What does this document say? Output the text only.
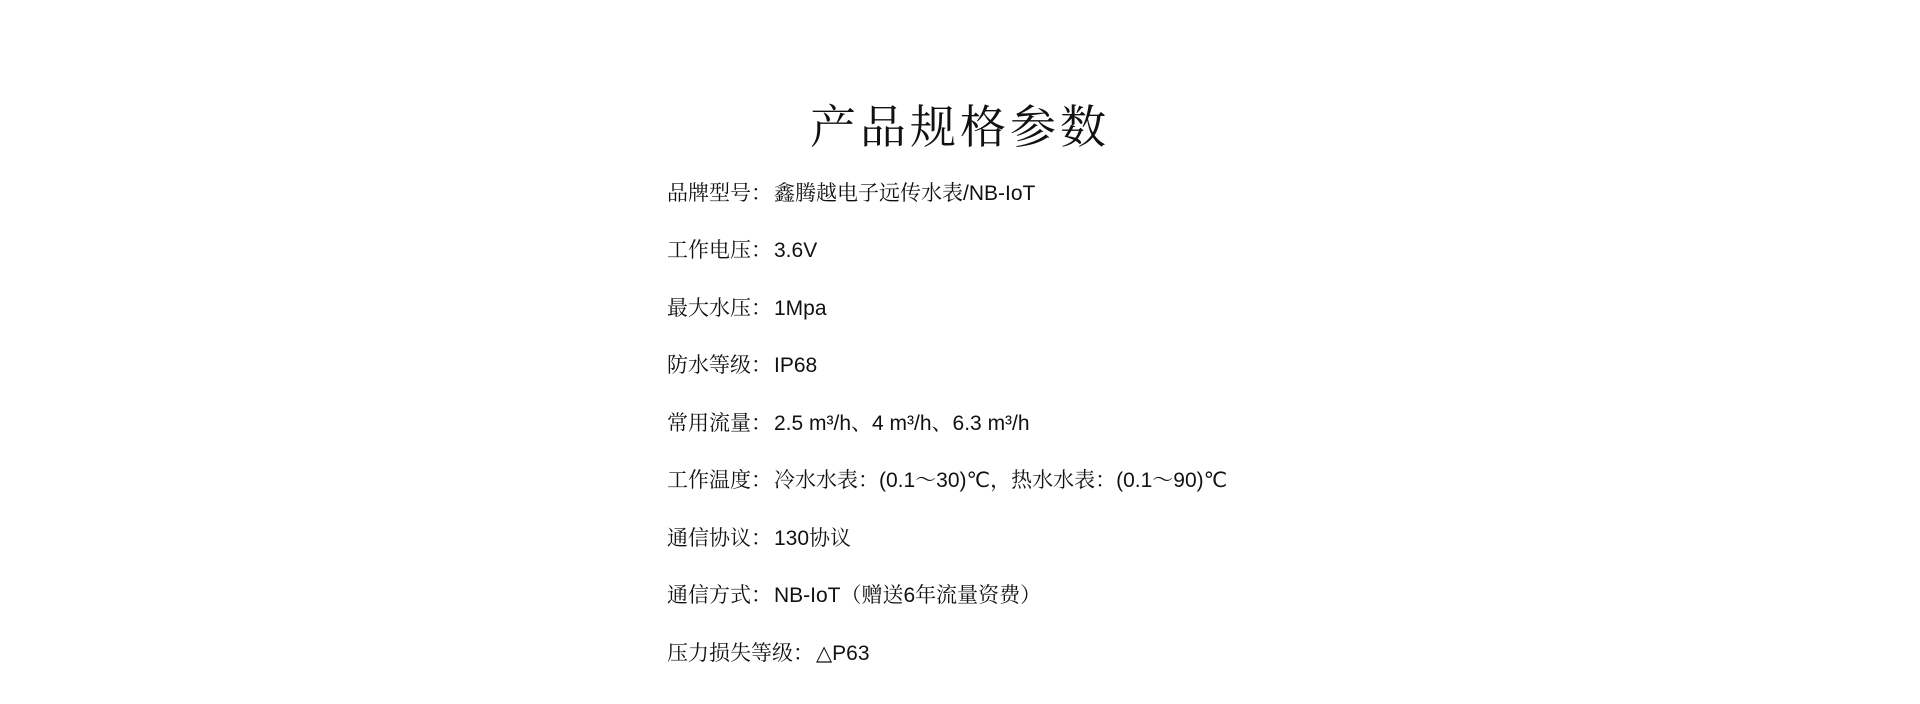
产品规格参数
品牌型号 ： 鑫腾越电子远传水表/NB-IoT
工作电压 ： 3.6V
最大水压 ： 1Mpa
防水等级 ： IP68
常用流量 ： 2.5 m³/h、4 m³/h、6.3 m³/h
工作温度 ： 冷水水表：(0.1～30)℃，热水水表：(0.1～90)℃
通信协议 ： 130协议
通信方式 ： NB-IoT（赠送6年流量资费）
压力损失等级 ： △P63
